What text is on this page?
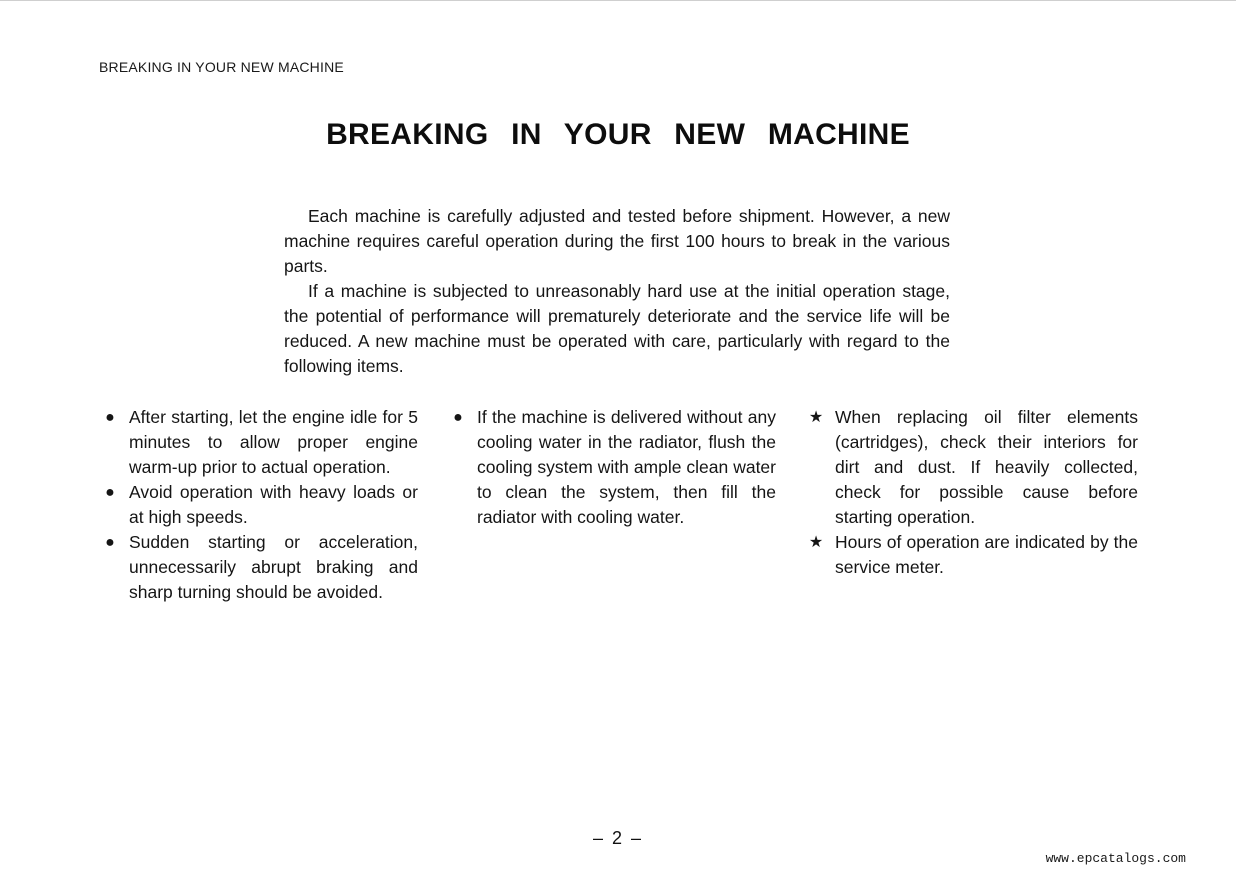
BREAKING IN YOUR NEW MACHINE
BREAKING IN YOUR NEW MACHINE

Each machine is carefully adjusted and tested before shipment. However, a new machine requires careful operation during the first 100 hours to break in the various parts.

If a machine is subjected to unreasonably hard use at the initial operation stage, the potential of performance will prematurely deteriorate and the service life will be reduced. A new machine must be operated with care, particularly with regard to the following items.

● After starting, let the engine idle for 5 minutes to allow proper engine warm-up prior to actual operation.

● Avoid operation with heavy loads or at high speeds.

● Sudden starting or acceleration, unnecessarily abrupt braking and sharp turning should be avoided.

● If the machine is delivered without any cooling water in the radiator, flush the cooling system with ample clean water to clean the system, then fill the radiator with cooling water.

★ When replacing oil filter elements (cartridges), check their interiors for dirt and dust. If heavily collected, check for possible cause before starting operation.

★ Hours of operation are indicated by the service meter.

– 2 –
www.epcatalogs.com
